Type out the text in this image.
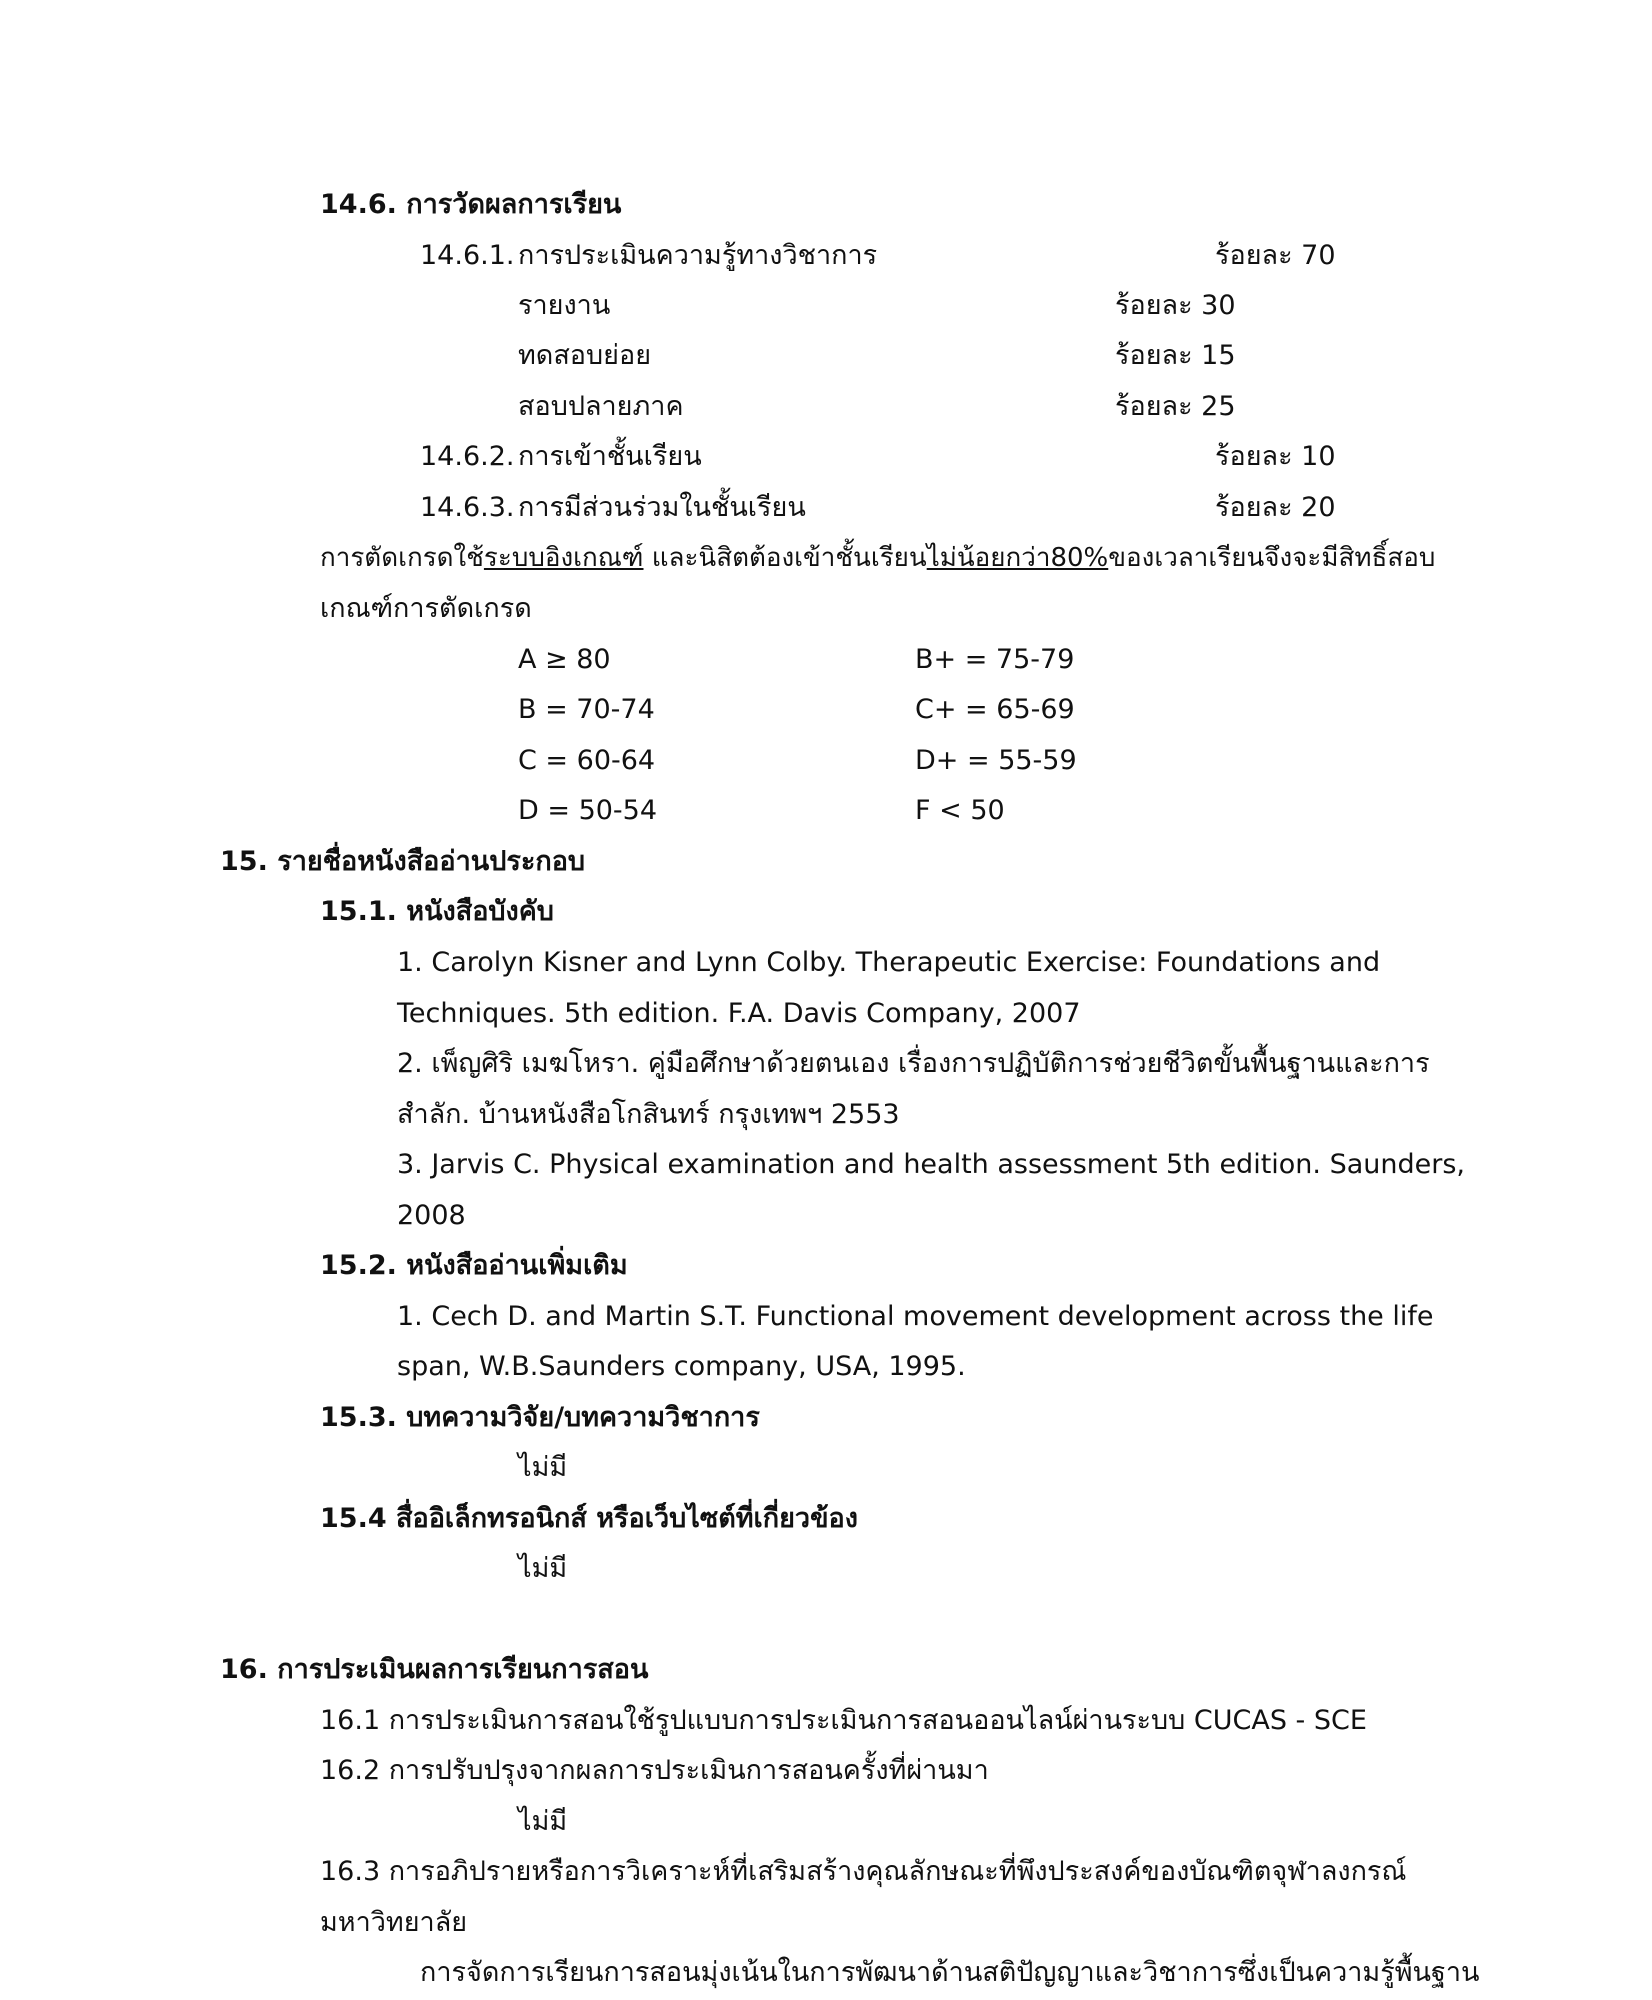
14.6. การวัดผลการเรียน
14.6.1. การประเมินความรู้ทางวิชาการ	ร้อยละ 70
รายงาน	ร้อยละ 30
ทดสอบย่อย	ร้อยละ 15
สอบปลายภาค	ร้อยละ 25
14.6.2. การเข้าชั้นเรียน	ร้อยละ 10
14.6.3. การมีส่วนร่วมในชั้นเรียน	ร้อยละ 20
การตัดเกรดใช้ระบบอิงเกณฑ์ และนิสิตต้องเข้าชั้นเรียนไม่น้อยกว่า80%ของเวลาเรียนจึงจะมีสิทธิ์สอบ
เกณฑ์การตัดเกรด
A ≥ 80	B+ = 75-79
B = 70-74	C+ = 65-69
C = 60-64	D+ = 55-59
D = 50-54	F < 50
15. รายชื่อหนังสืออ่านประกอบ
15.1. หนังสือบังคับ
1. Carolyn Kisner and Lynn Colby. Therapeutic Exercise: Foundations and
Techniques. 5th edition. F.A. Davis Company, 2007
2. เพ็ญศิริ เมฆโหรา. คู่มือศึกษาด้วยตนเอง เรื่องการปฏิบัติการช่วยชีวิตขั้นพื้นฐานและการ
สำลัก. บ้านหนังสือโกสินทร์ กรุงเทพฯ 2553
3. Jarvis C. Physical examination and health assessment 5th edition. Saunders,
2008
15.2. หนังสืออ่านเพิ่มเติม
1. Cech D. and Martin S.T. Functional movement development across the life
span, W.B.Saunders company, USA, 1995.
15.3. บทความวิจัย/บทความวิชาการ
ไม่มี
15.4 สื่ออิเล็กทรอนิกส์ หรือเว็บไซต์ที่เกี่ยวข้อง
ไม่มี
16. การประเมินผลการเรียนการสอน
16.1 การประเมินการสอนใช้รูปแบบการประเมินการสอนออนไลน์ผ่านระบบ CUCAS - SCE
16.2 การปรับปรุงจากผลการประเมินการสอนครั้งที่ผ่านมา
ไม่มี
16.3 การอภิปรายหรือการวิเคราะห์ที่เสริมสร้างคุณลักษณะที่พึงประสงค์ของบัณฑิตจุฬาลงกรณ์
มหาวิทยาลัย
การจัดการเรียนการสอนมุ่งเน้นในการพัฒนาด้านสติปัญญาและวิชาการซึ่งเป็นความรู้พื้นฐาน
